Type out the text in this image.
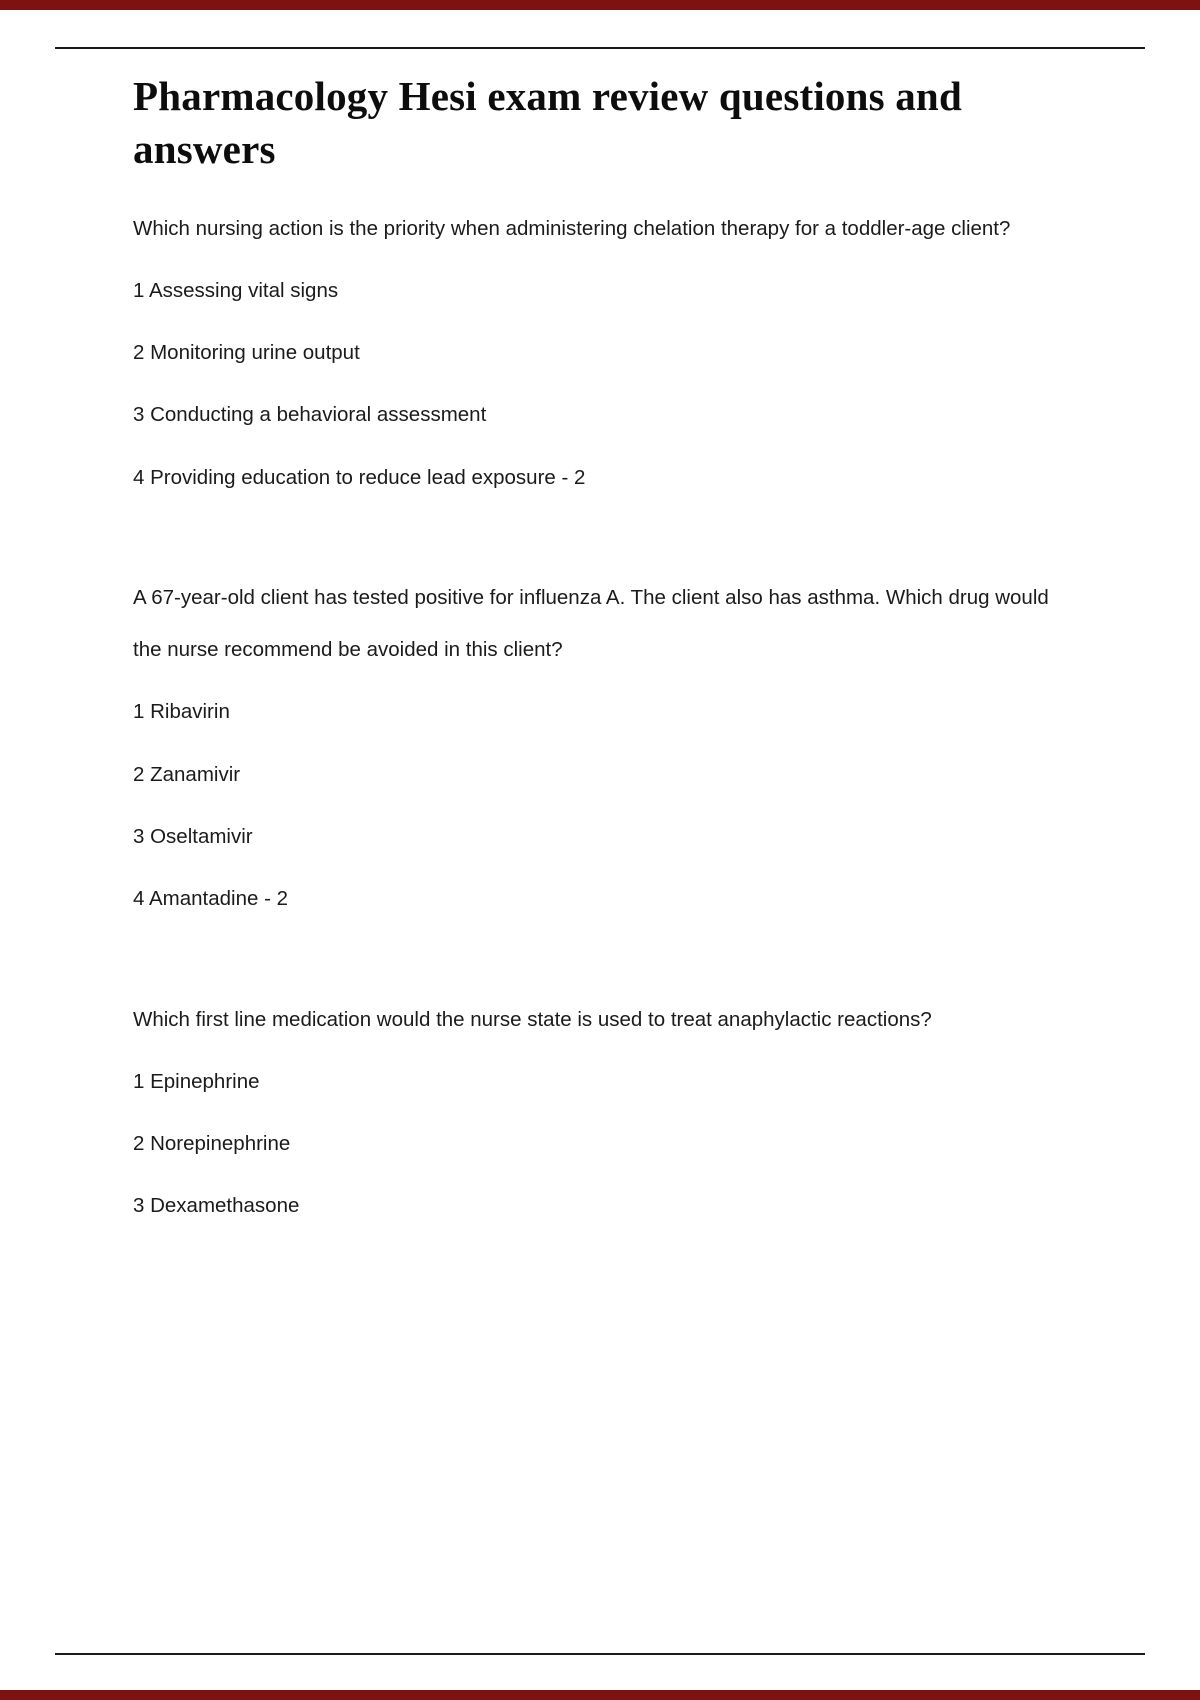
Pharmacology Hesi exam review questions and answers

Which nursing action is the priority when administering chelation therapy for a toddler-age client?

1 Assessing vital signs

2 Monitoring urine output

3 Conducting a behavioral assessment

4 Providing education to reduce lead exposure - 2

A 67-year-old client has tested positive for influenza A. The client also has asthma. Which drug would the nurse recommend be avoided in this client?

1 Ribavirin

2 Zanamivir

3 Oseltamivir

4 Amantadine - 2

Which first line medication would the nurse state is used to treat anaphylactic reactions?

1 Epinephrine

2 Norepinephrine

3 Dexamethasone
